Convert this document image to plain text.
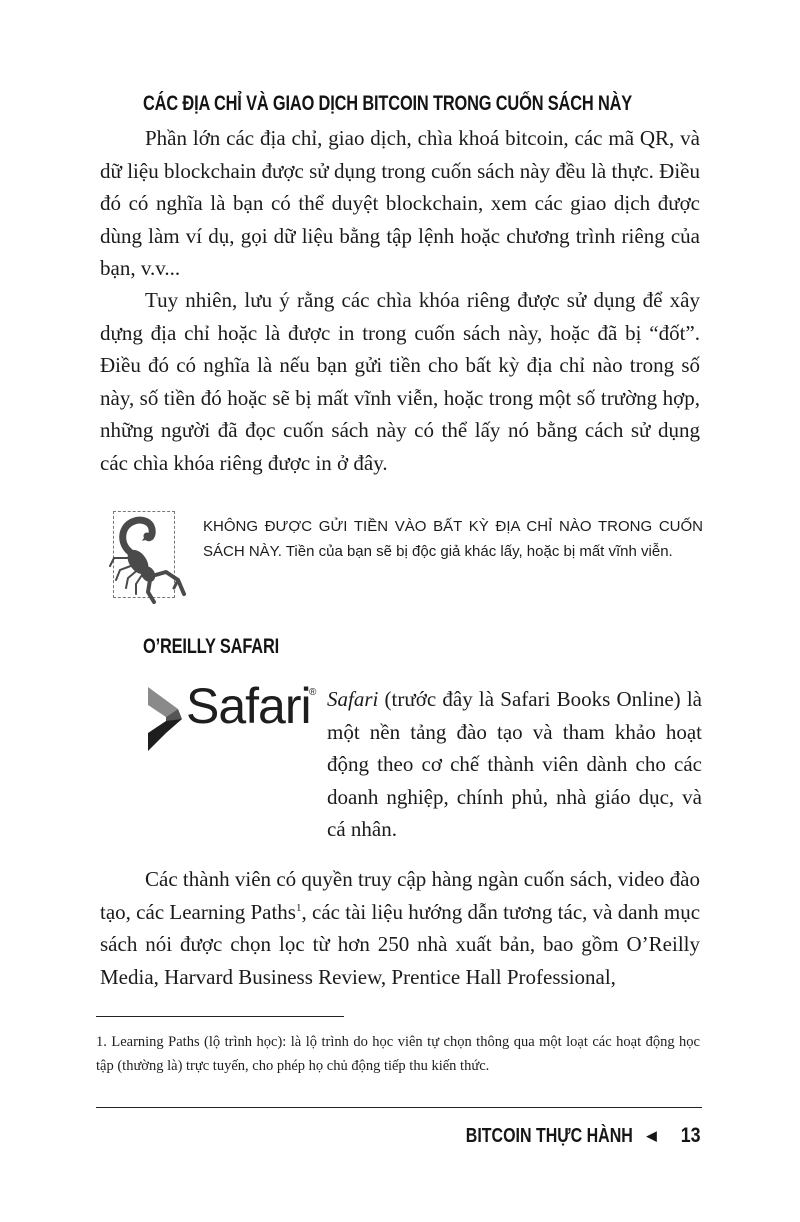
CÁC ĐỊA CHỈ VÀ GIAO DỊCH BITCOIN TRONG CUỐN SÁCH NÀY

Phần lớn các địa chỉ, giao dịch, chìa khoá bitcoin, các mã QR, và dữ liệu blockchain được sử dụng trong cuốn sách này đều là thực. Điều đó có nghĩa là bạn có thể duyệt blockchain, xem các giao dịch được dùng làm ví dụ, gọi dữ liệu bằng tập lệnh hoặc chương trình riêng của bạn, v.v...

Tuy nhiên, lưu ý rằng các chìa khóa riêng được sử dụng để xây dựng địa chỉ hoặc là được in trong cuốn sách này, hoặc đã bị “đốt”. Điều đó có nghĩa là nếu bạn gửi tiền cho bất kỳ địa chỉ nào trong số này, số tiền đó hoặc sẽ bị mất vĩnh viễn, hoặc trong một số trường hợp, những người đã đọc cuốn sách này có thể lấy nó bằng cách sử dụng các chìa khóa riêng được in ở đây.

KHÔNG ĐƯỢC GỬI TIỀN VÀO BẤT KỲ ĐỊA CHỈ NÀO TRONG CUỐN SÁCH NÀY. Tiền của bạn sẽ bị độc giả khác lấy, hoặc bị mất vĩnh viễn.
O’REILLY SAFARI
Safari
® Safari (trước đây là Safari Books Online) là một nền tảng đào tạo và tham khảo hoạt động theo cơ chế thành viên dành cho các doanh nghiệp, chính phủ, nhà giáo dục, và cá nhân.

Các thành viên có quyền truy cập hàng ngàn cuốn sách, video đào tạo, các Learning Paths$^1$, các tài liệu hướng dẫn tương tác, và danh mục sách nói được chọn lọc từ hơn 250 nhà xuất bản, bao gồm O’Reilly Media, Harvard Business Review, Prentice Hall Professional,

1. Learning Paths (lộ trình học): là lộ trình do học viên tự chọn thông qua một loạt các hoạt động học tập (thường là) trực tuyến, cho phép họ chủ động tiếp thu kiến thức.
BITCOIN THỰC HÀNH ◀ 13
